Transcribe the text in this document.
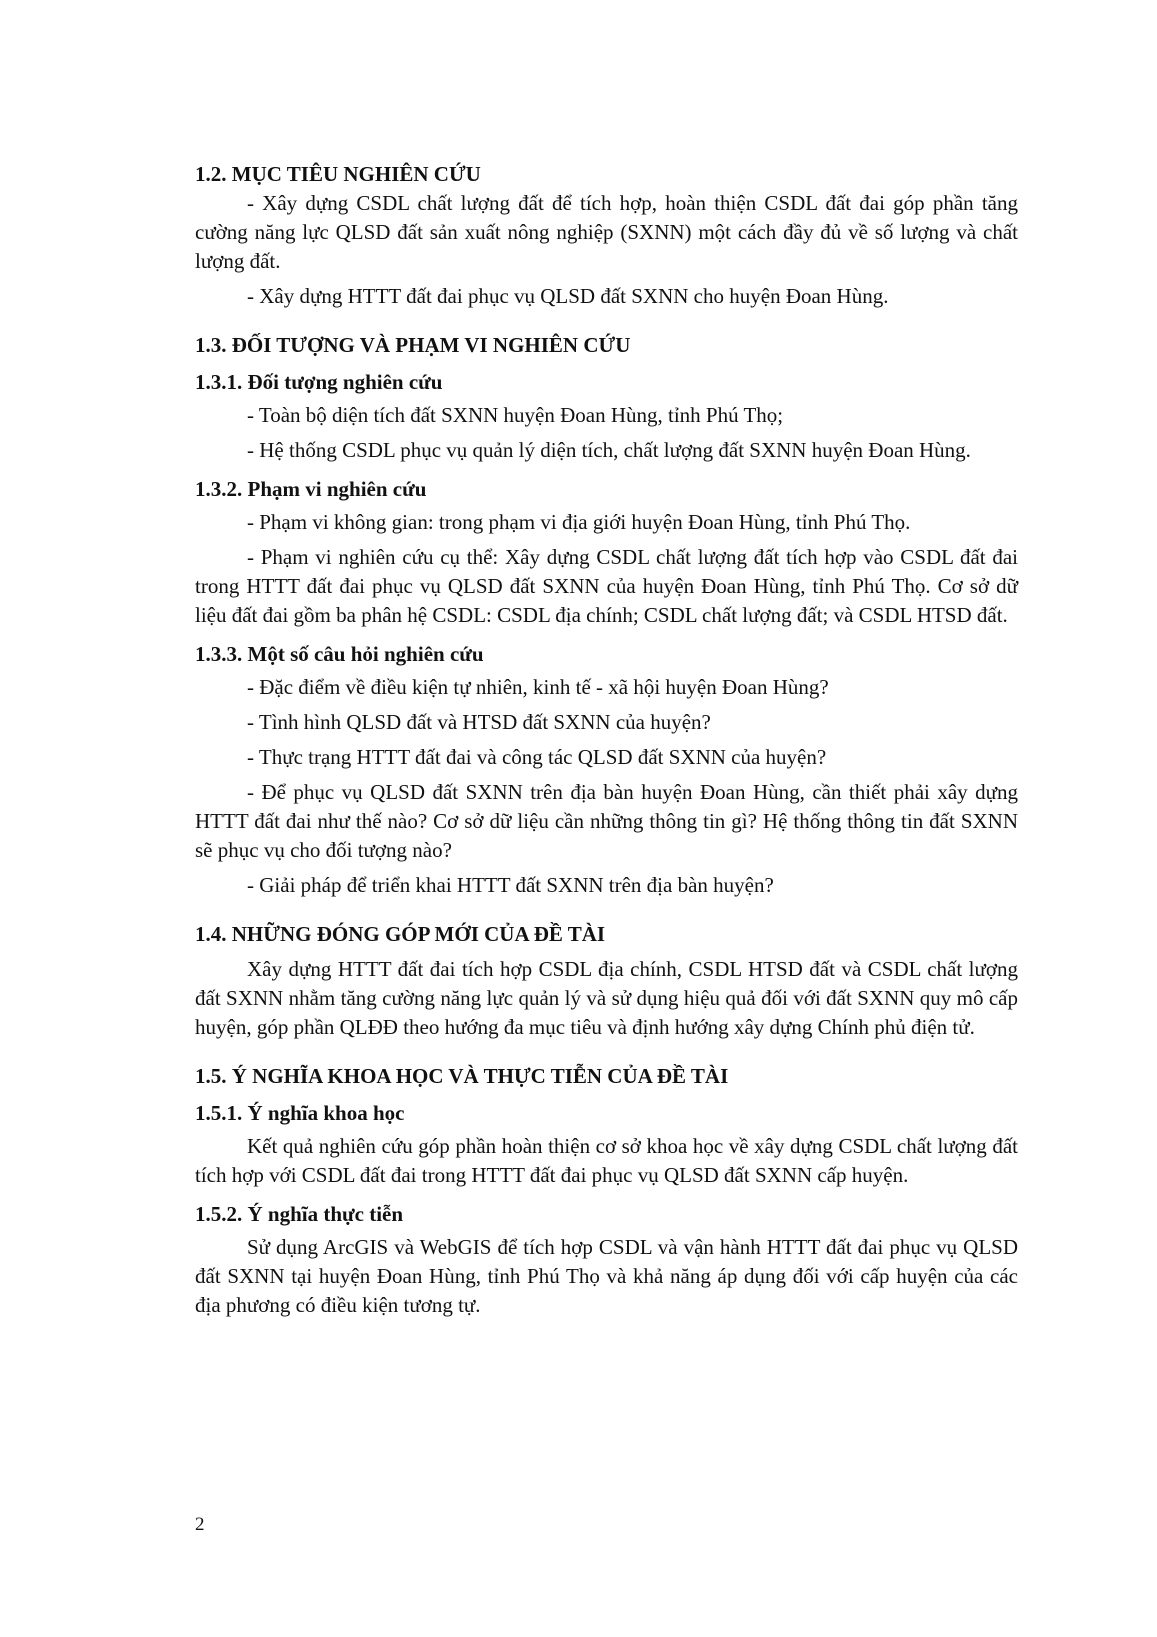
1.2. MỤC TIÊU NGHIÊN CỨU

- Xây dựng CSDL chất lượng đất để tích hợp, hoàn thiện CSDL đất đai góp phần tăng cường năng lực QLSD đất sản xuất nông nghiệp (SXNN) một cách đầy đủ về số lượng và chất lượng đất.

- Xây dựng HTTT đất đai phục vụ QLSD đất SXNN cho huyện Đoan Hùng.

1.3. ĐỐI TƯỢNG VÀ PHẠM VI NGHIÊN CỨU

1.3.1. Đối tượng nghiên cứu

- Toàn bộ diện tích đất SXNN huyện Đoan Hùng, tỉnh Phú Thọ;

- Hệ thống CSDL phục vụ quản lý diện tích, chất lượng đất SXNN huyện Đoan Hùng.

1.3.2. Phạm vi nghiên cứu

- Phạm vi không gian: trong phạm vi địa giới huyện Đoan Hùng, tỉnh Phú Thọ.

- Phạm vi nghiên cứu cụ thể: Xây dựng CSDL chất lượng đất tích hợp vào CSDL đất đai trong HTTT đất đai phục vụ QLSD đất SXNN của huyện Đoan Hùng, tỉnh Phú Thọ. Cơ sở dữ liệu đất đai gồm ba phân hệ CSDL: CSDL địa chính; CSDL chất lượng đất; và CSDL HTSD đất.

1.3.3. Một số câu hỏi nghiên cứu

- Đặc điểm về điều kiện tự nhiên, kinh tế - xã hội huyện Đoan Hùng?

- Tình hình QLSD đất và HTSD đất SXNN của huyện?

- Thực trạng HTTT đất đai và công tác QLSD đất SXNN của huyện?

- Để phục vụ QLSD đất SXNN trên địa bàn huyện Đoan Hùng, cần thiết phải xây dựng HTTT đất đai như thế nào? Cơ sở dữ liệu cần những thông tin gì? Hệ thống thông tin đất SXNN sẽ phục vụ cho đối tượng nào?

- Giải pháp để triển khai HTTT đất SXNN trên địa bàn huyện?

1.4. NHỮNG ĐÓNG GÓP MỚI CỦA ĐỀ TÀI

Xây dựng HTTT đất đai tích hợp CSDL địa chính, CSDL HTSD đất và CSDL chất lượng đất SXNN nhằm tăng cường năng lực quản lý và sử dụng hiệu quả đối với đất SXNN quy mô cấp huyện, góp phần QLĐĐ theo hướng đa mục tiêu và định hướng xây dựng Chính phủ điện tử.

1.5. Ý NGHĨA KHOA HỌC VÀ THỰC TIỄN CỦA ĐỀ TÀI

1.5.1. Ý nghĩa khoa học

Kết quả nghiên cứu góp phần hoàn thiện cơ sở khoa học về xây dựng CSDL chất lượng đất tích hợp với CSDL đất đai trong HTTT đất đai phục vụ QLSD đất SXNN cấp huyện.

1.5.2. Ý nghĩa thực tiễn

Sử dụng ArcGIS và WebGIS để tích hợp CSDL và vận hành HTTT đất đai phục vụ QLSD đất SXNN tại huyện Đoan Hùng, tỉnh Phú Thọ và khả năng áp dụng đối với cấp huyện của các địa phương có điều kiện tương tự.

2
